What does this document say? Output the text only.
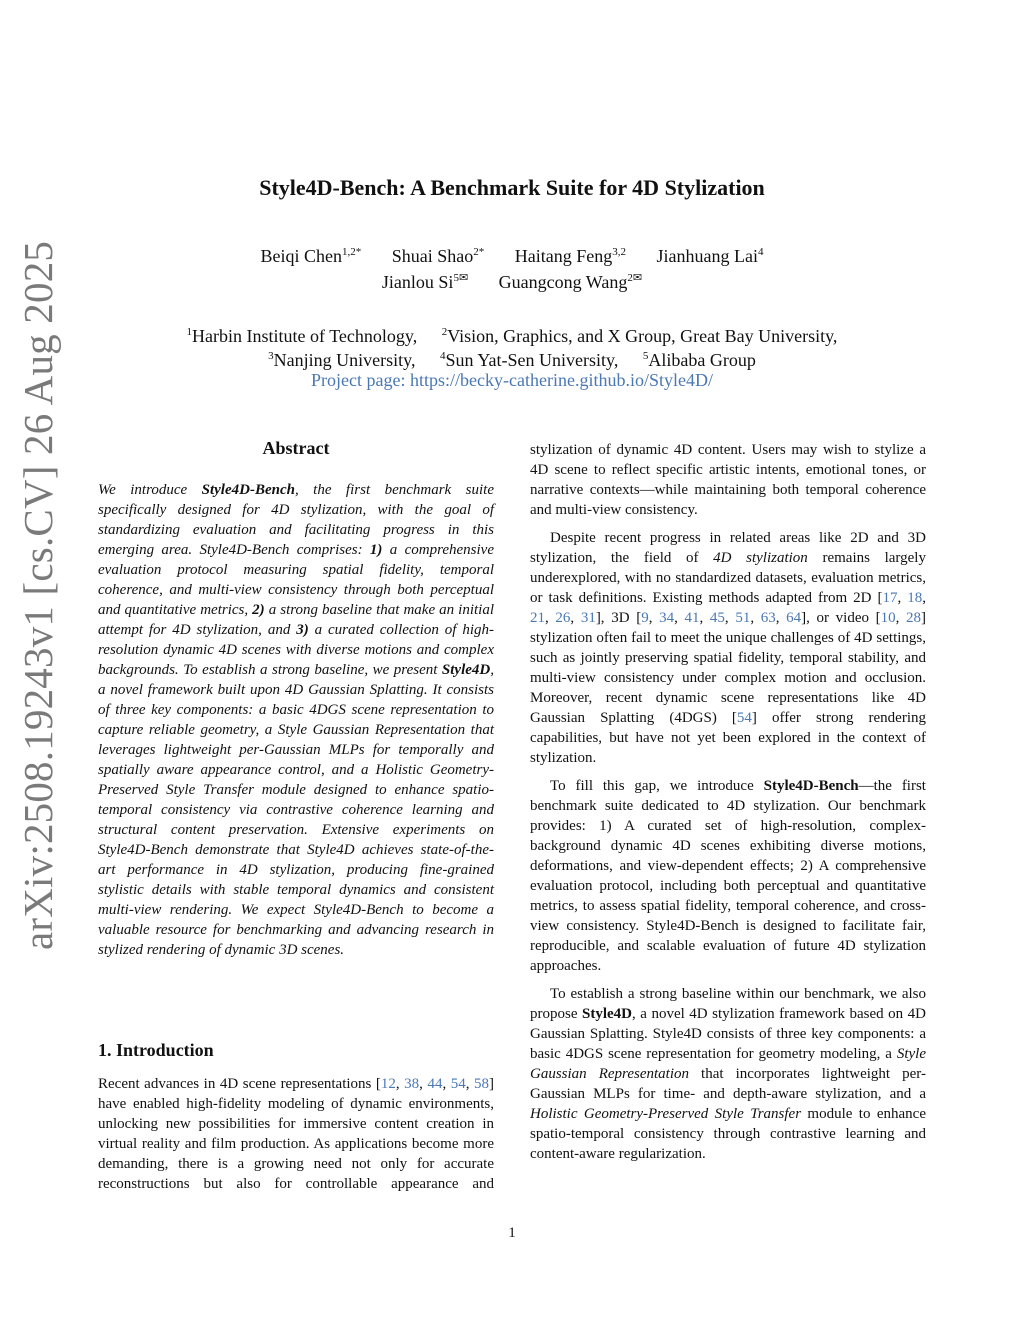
arXiv:2508.19243v1 [cs.CV] 26 Aug 2025
Style4D-Bench: A Benchmark Suite for 4D Stylization
Beiqi Chen$^{1,2*}$ Shuai Shao$^{2*}$ Haitang Feng$^{3,2}$ Jianhuang Lai$^4$
Jianlou $Si^{5✉}$ Guangcong Wang$^{2✉}$
$^1$Harbin Institute of Technology, $^2$Vision, Graphics, and X Group, Great Bay University,
$^3$Nanjing University, $^4$Sun Yat-Sen University, $^5$Alibaba Group
Project page: https://becky-catherine.github.io/Style4D/
Abstract

We introduce Style4D-Bench, the first benchmark suite specifically designed for 4D stylization, with the goal of standardizing evaluation and facilitating progress in this emerging area. Style4D-Bench comprises: 1) a comprehensive evaluation protocol measuring spatial fidelity, temporal coherence, and multi-view consistency through both perceptual and quantitative metrics, 2) a strong baseline that make an initial attempt for 4D stylization, and 3) a curated collection of high-resolution dynamic 4D scenes with diverse motions and complex backgrounds. To establish a strong baseline, we present Style4D, a novel framework built upon 4D Gaussian Splatting. It consists of three key components: a basic 4DGS scene representation to capture reliable geometry, a Style Gaussian Representation that leverages lightweight per-Gaussian MLPs for temporally and spatially aware appearance control, and a Holistic Geometry-Preserved Style Transfer module designed to enhance spatio-temporal consistency via contrastive coherence learning and structural content preservation. Extensive experiments on Style4D-Bench demonstrate that Style4D achieves state-of-the-art performance in 4D stylization, producing fine-grained stylistic details with stable temporal dynamics and consistent multi-view rendering. We expect Style4D-Bench to become a valuable resource for benchmarking and advancing research in stylized rendering of dynamic 3D scenes.

1. Introduction

Recent advances in 4D scene representations [12, 38, 44, 54, 58] have enabled high-fidelity modeling of dynamic environments, unlocking new possibilities for immersive content creation in virtual reality and film production. As applications become more demanding, there is a growing need not only for accurate reconstructions but also for controllable appearance and

stylization of dynamic 4D content. Users may wish to stylize a 4D scene to reflect specific artistic intents, emotional tones, or narrative contexts—while maintaining both temporal coherence and multi-view consistency.

Despite recent progress in related areas like 2D and 3D stylization, the field of 4D stylization remains largely underexplored, with no standardized datasets, evaluation metrics, or task definitions. Existing methods adapted from 2D [17, 18, 21, 26, 31], 3D [9, 34, 41, 45, 51, 63, 64], or video [10, 28] stylization often fail to meet the unique challenges of 4D settings, such as jointly preserving spatial fidelity, temporal stability, and multi-view consistency under complex motion and occlusion. Moreover, recent dynamic scene representations like 4D Gaussian Splatting (4DGS) [54] offer strong rendering capabilities, but have not yet been explored in the context of stylization.

To fill this gap, we introduce Style4D-Bench—the first benchmark suite dedicated to 4D stylization. Our benchmark provides: 1) A curated set of high-resolution, complex-background dynamic 4D scenes exhibiting diverse motions, deformations, and view-dependent effects; 2) A comprehensive evaluation protocol, including both perceptual and quantitative metrics, to assess spatial fidelity, temporal coherence, and cross-view consistency. Style4D-Bench is designed to facilitate fair, reproducible, and scalable evaluation of future 4D stylization approaches.

To establish a strong baseline within our benchmark, we also propose Style4D, a novel 4D stylization framework based on 4D Gaussian Splatting. Style4D consists of three key components: a basic 4DGS scene representation for geometry modeling, a Style Gaussian Representation that incorporates lightweight per-Gaussian MLPs for time- and depth-aware stylization, and a Holistic Geometry-Preserved Style Transfer module to enhance spatio-temporal consistency through contrastive learning and content-aware regularization.

1
